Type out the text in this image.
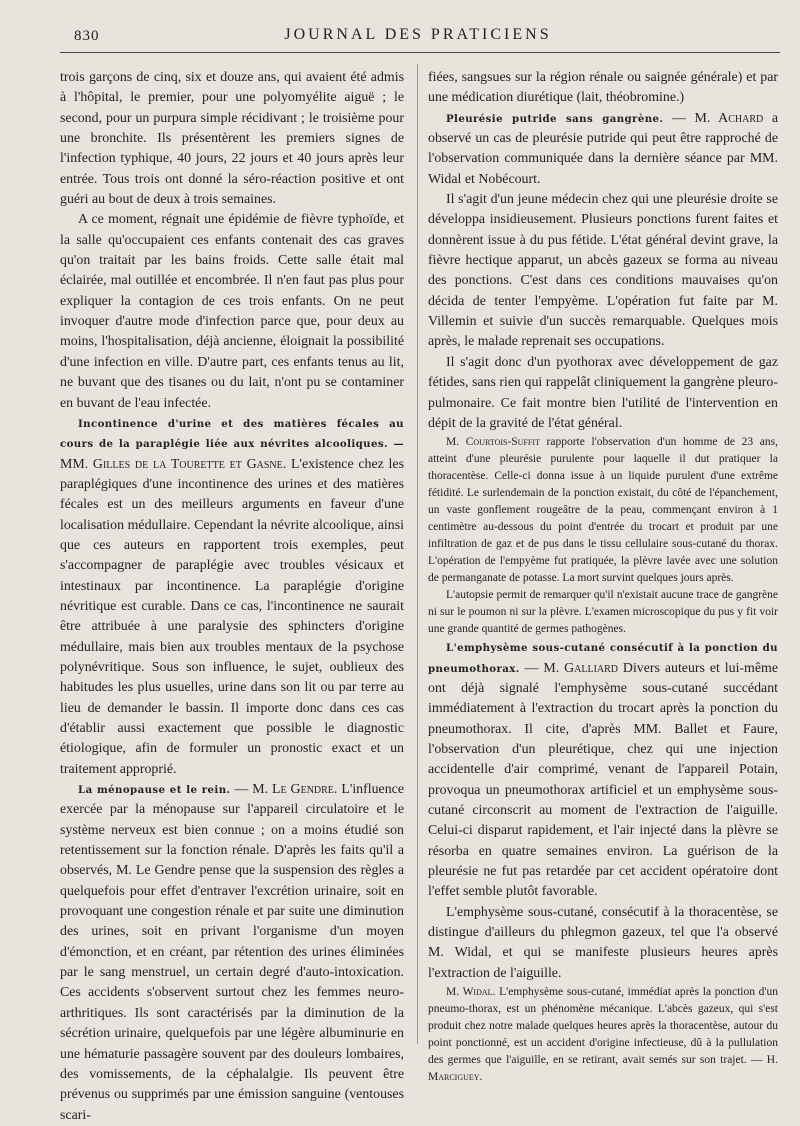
830	JOURNAL DES PRATICIENS

trois garçons de cinq, six et douze ans, qui avaient été admis à l'hôpital, le premier, pour une polyomyélite aiguë ; le second, pour un purpura simple récidivant ; le troisième pour une bronchite. Ils présentèrent les premiers signes de l'infection typhique, 40 jours, 22 jours et 40 jours après leur entrée. Tous trois ont donné la séro-réaction positive et ont guéri au bout de deux à trois semaines.

A ce moment, régnait une épidémie de fièvre typhoïde, et la salle qu'occupaient ces enfants contenait des cas graves qu'on traitait par les bains froids. Cette salle était mal éclairée, mal outillée et encombrée. Il n'en faut pas plus pour expliquer la contagion de ces trois enfants. On ne peut invoquer d'autre mode d'infection parce que, pour deux au moins, l'hospitalisation, déjà ancienne, éloignait la possibilité d'une infection en ville. D'autre part, ces enfants tenus au lit, ne buvant que des tisanes ou du lait, n'ont pu se contaminer en buvant de l'eau infectée.

Incontinence d'urine et des matières fécales au cours de la paraplégie liée aux névrites alcooliques. — MM. Gilles de la Tourette et Gasne. L'existence chez les paraplégiques d'une incontinence des urines et des matières fécales est un des meilleurs arguments en faveur d'une localisation médullaire. Cependant la névrite alcoolique, ainsi que ces auteurs en rapportent trois exemples, peut s'accompagner de paraplégie avec troubles vésicaux et intestinaux par incontinence. La paraplégie d'origine névritique est curable. Dans ce cas, l'incontinence ne saurait être attribuée à une paralysie des sphincters d'origine médullaire, mais bien aux troubles mentaux de la psychose polynévritique. Sous son influence, le sujet, oublieux des habitudes les plus usuelles, urine dans son lit ou par terre au lieu de demander le bassin. Il importe donc dans ces cas d'établir aussi exactement que possible le diagnostic étiologique, afin de formuler un pronostic exact et un traitement approprié.

La ménopause et le rein. — M. Le Gendre. L'influence exercée par la ménopause sur l'appareil circulatoire et le système nerveux est bien connue ; on a moins étudié son retentissement sur la fonction rénale. D'après les faits qu'il a observés, M. Le Gendre pense que la suspension des règles a quelquefois pour effet d'entraver l'excrétion urinaire, soit en provoquant une congestion rénale et par suite une diminution des urines, soit en privant l'organisme d'un moyen d'émonction, et en créant, par rétention des urines éliminées par le sang menstruel, un certain degré d'auto-intoxication. Ces accidents s'observent surtout chez les femmes neuro-arthritiques. Ils sont caractérisés par la diminution de la sécrétion urinaire, quelquefois par une légère albuminurie en une hématurie passagère souvent par des douleurs lombaires, des vomissements, de la céphalalgie. Ils peuvent être prévenus ou supprimés par une émission sanguine (ventouses scari-

fiées, sangsues sur la région rénale ou saignée générale) et par une médication diurétique (lait, théobromine.)

Pleurésie putride sans gangrène. — M. Achard a observé un cas de pleurésie putride qui peut être rapproché de l'observation communiquée dans la dernière séance par MM. Widal et Nobécourt.

Il s'agit d'un jeune médecin chez qui une pleurésie droite se développa insidieusement. Plusieurs ponctions furent faites et donnèrent issue à du pus fétide. L'état général devint grave, la fièvre hectique apparut, un abcès gazeux se forma au niveau des ponctions. C'est dans ces conditions mauvaises qu'on décida de tenter l'empyème. L'opération fut faite par M. Villemin et suivie d'un succès remarquable. Quelques mois après, le malade reprenait ses occupations.

Il s'agit donc d'un pyothorax avec développement de gaz fétides, sans rien qui rappelât cliniquement la gangrène pleuro-pulmonaire. Ce fait montre bien l'utilité de l'intervention en dépit de la gravité de l'état général.

M. Courtois-Suffit rapporte l'observation d'un homme de 23 ans, atteint d'une pleurésie purulente pour laquelle il dut pratiquer la thoracentèse. Celle-ci donna issue à un liquide purulent d'une extrême fétidité. Le surlendemain de la ponction existait, du côté de l'épanchement, un vaste gonflement rougeâtre de la peau, commençant environ à 1 centimètre au-dessous du point d'entrée du trocart et produit par une infiltration de gaz et de pus dans le tissu cellulaire sous-cutané du thorax. L'opération de l'empyème fut pratiquée, la plèvre lavée avec une solution de permanganate de potasse. La mort survint quelques jours après.

L'autopsie permit de remarquer qu'il n'existait aucune trace de gangrène ni sur le poumon ni sur la plèvre. L'examen microscopique du pus y fit voir une grande quantité de germes pathogènes.

L'emphysème sous-cutané consécutif à la ponction du pneumothorax. — M. Galliard Divers auteurs et lui-même ont déjà signalé l'emphysème sous-cutané succédant immédiatement à l'extraction du trocart après la ponction du pneumothorax. Il cite, d'après MM. Ballet et Faure, l'observation d'un pleurétique, chez qui une injection accidentelle d'air comprimé, venant de l'appareil Potain, provoqua un pneumothorax artificiel et un emphysème sous-cutané circonscrit au moment de l'extraction de l'aiguille. Celui-ci disparut rapidement, et l'air injecté dans la plèvre se résorba en quatre semaines environ. La guérison de la pleurésie ne fut pas retardée par cet accident opératoire dont l'effet semble plutôt favorable.

L'emphysème sous-cutané, consécutif à la thoracentèse, se distingue d'ailleurs du phlegmon gazeux, tel que l'a observé M. Widal, et qui se manifeste plusieurs heures après l'extraction de l'aiguille.

M. Widal. L'emphysème sous-cutané, immédiat après la ponction d'un pneumo-thorax, est un phénomène mécanique. L'abcès gazeux, qui s'est produit chez notre malade quelques heures après la thoracentèse, autour du point ponctionné, est un accident d'origine infectieuse, dû à la pullulation des germes que l'aiguille, en se retirant, avait semés sur son trajet. — H. Marciguey.
